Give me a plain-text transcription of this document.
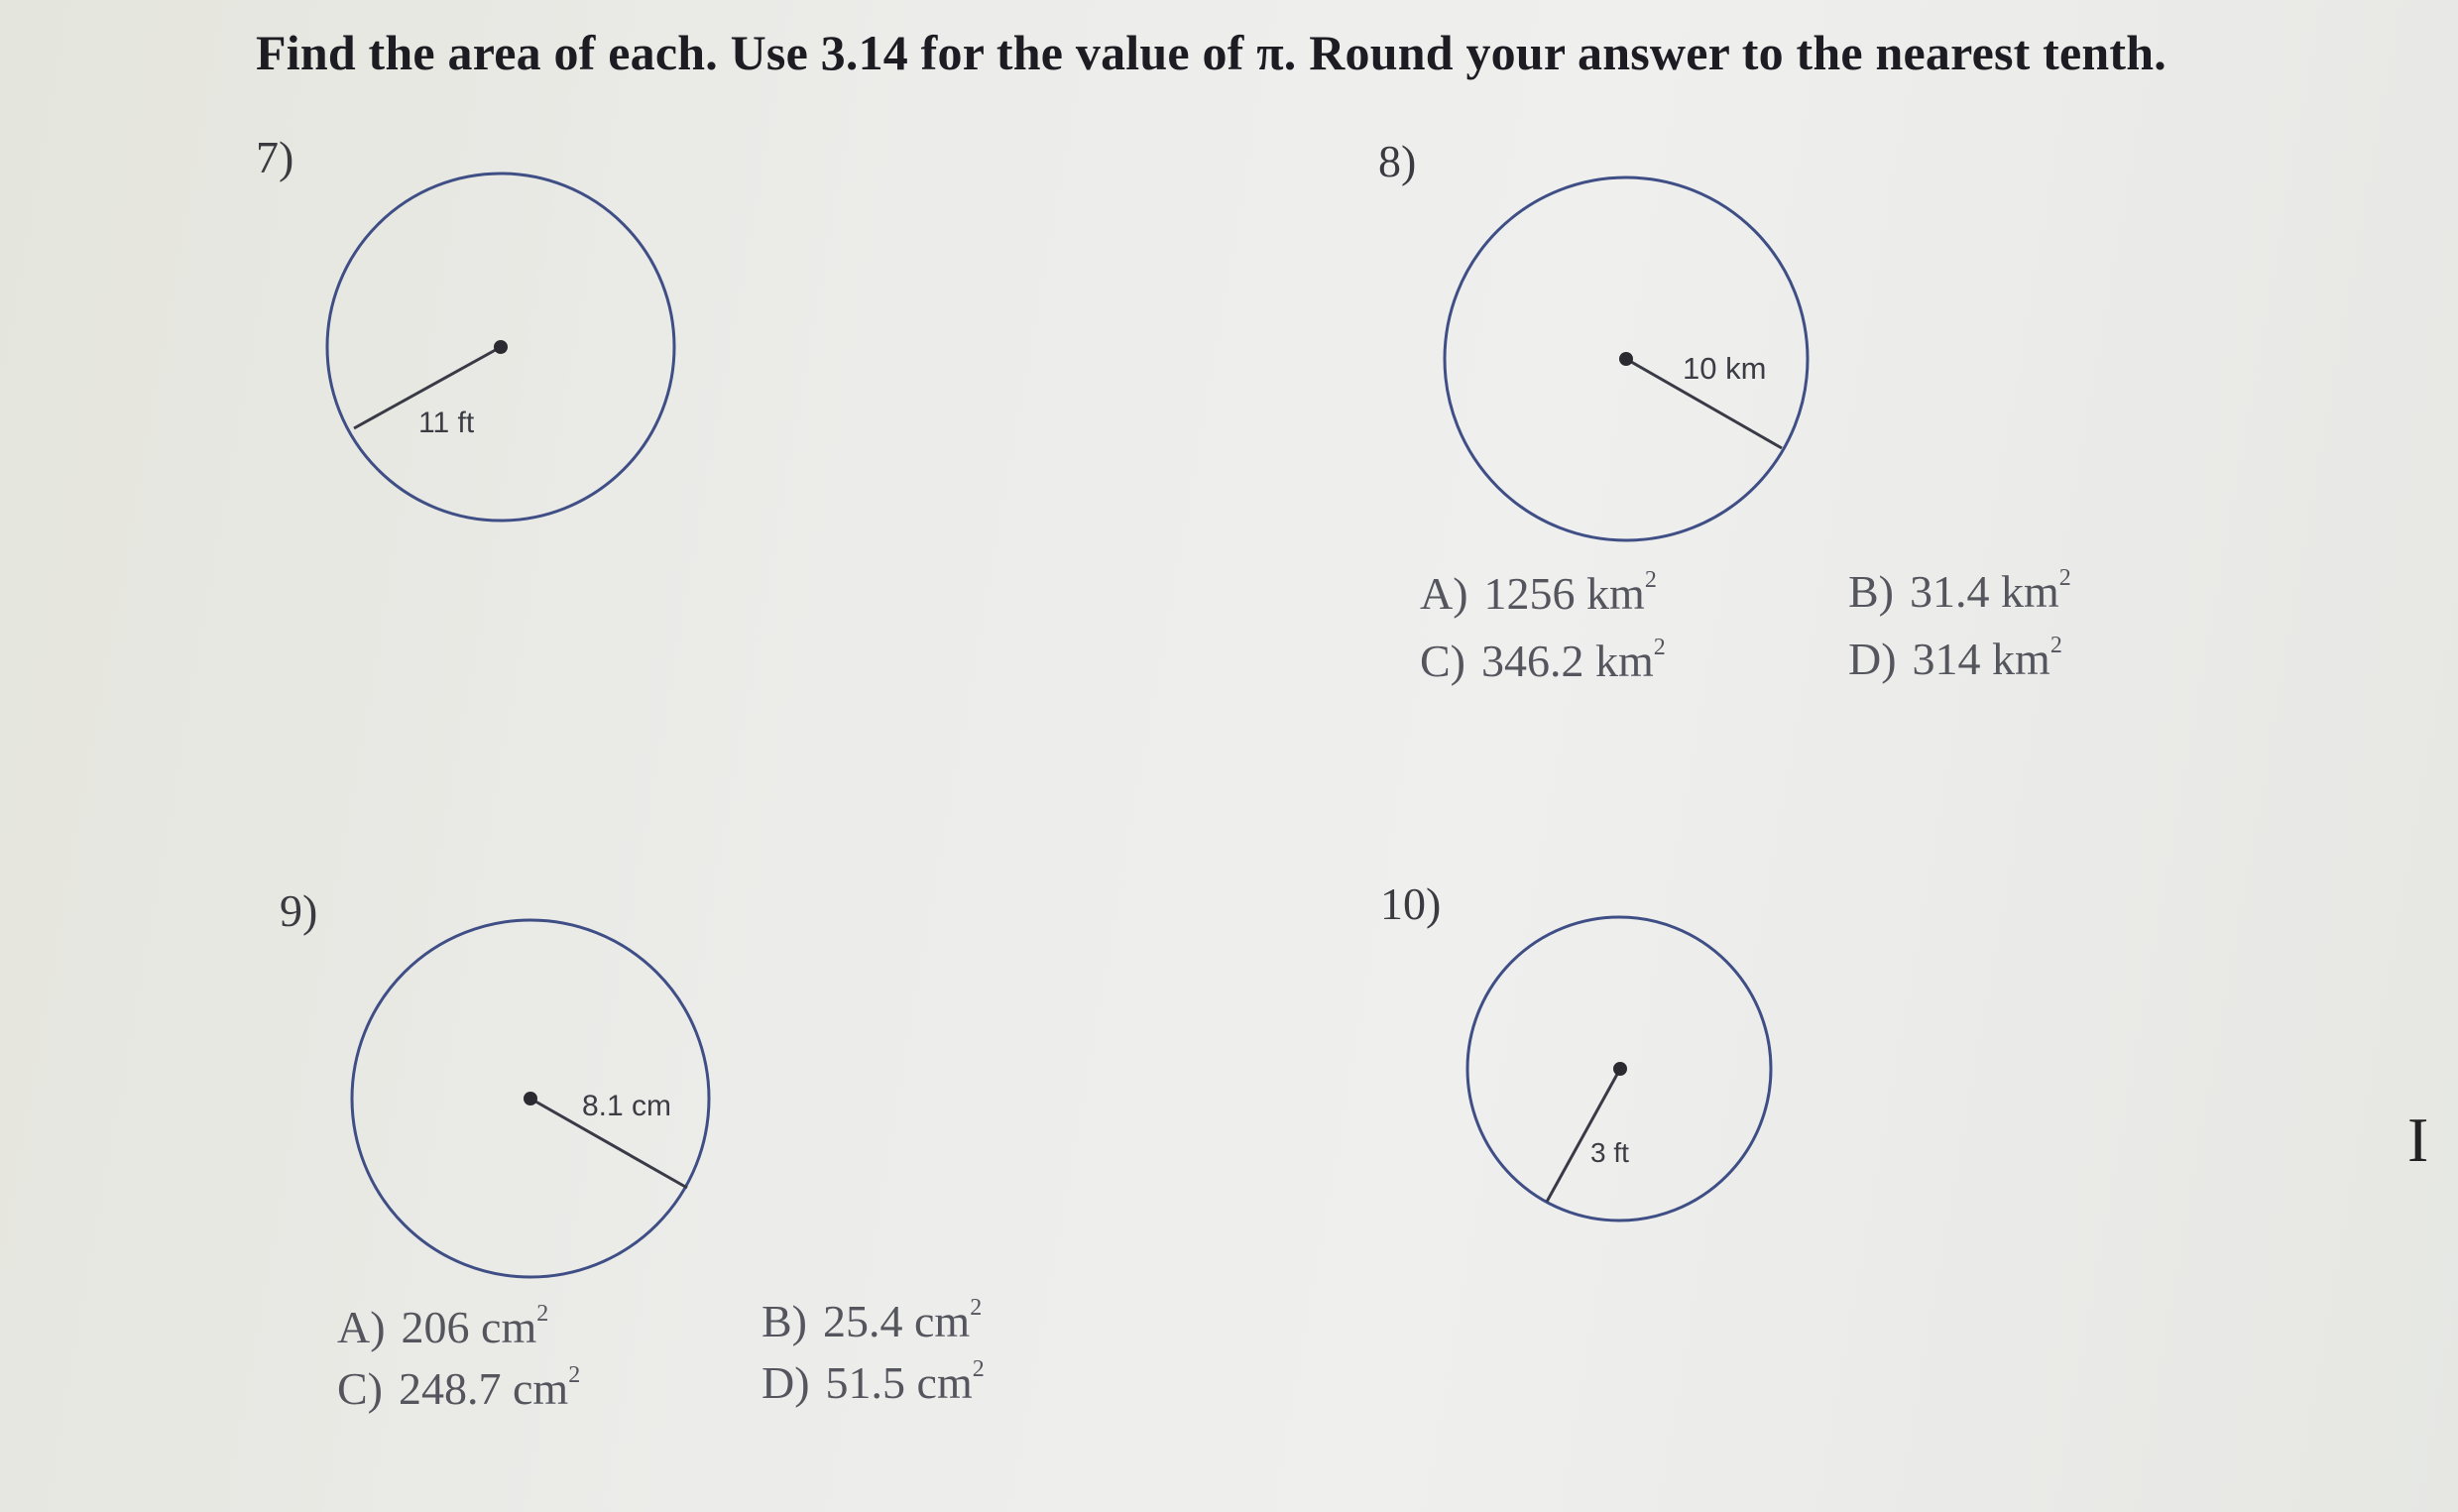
Find the area of each. Use 3.14 for the value of π. Round your answer to the nearest tenth.
7)
11 ft
8)
10 km
A) 1256 $km^2$	B) 31.4 $km^2$
C) 346.2 $km^2$	D) 314 $km^2$
9)
8.1 cm
A) 206 $cm^2$	B) 25.4 $cm^2$
C) 248.7 $cm^2$	D) 51.5 $cm^2$
10)
3 ft	I
